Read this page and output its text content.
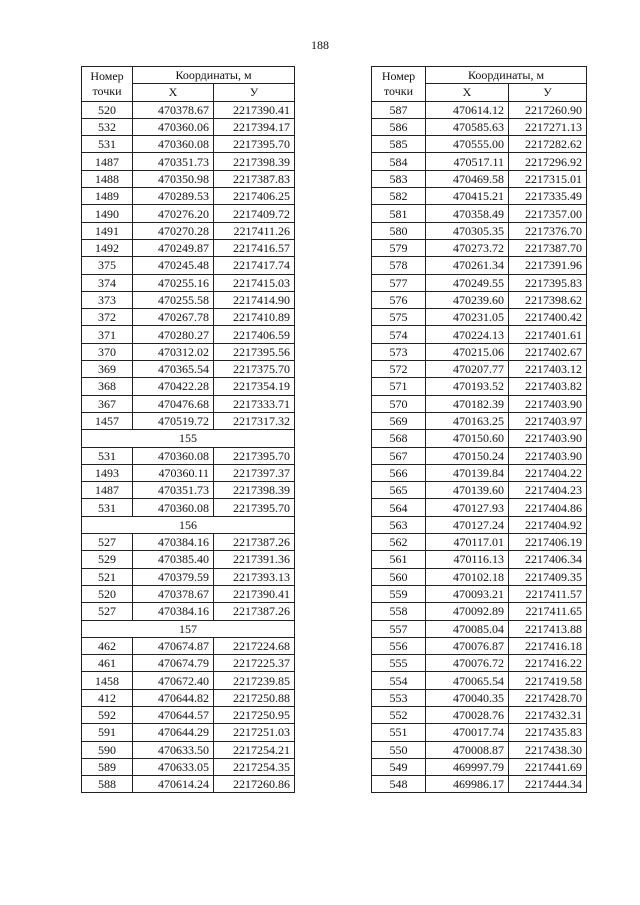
188
Номер
точки	Координаты, м	
	X	У
520	470378.67	2217390.41
532	470360.06	2217394.17
531	470360.08	2217395.70
1487	470351.73	2217398.39
1488	470350.98	2217387.83
1489	470289.53	2217406.25
1490	470276.20	2217409.72
1491	470270.28	2217411.26
1492	470249.87	2217416.57
375	470245.48	2217417.74
374	470255.16	2217415.03
373	470255.58	2217414.90
372	470267.78	2217410.89
371	470280.27	2217406.59
370	470312.02	2217395.56
369	470365.54	2217375.70
368	470422.28	2217354.19
367	470476.68	2217333.71
1457	470519.72	2217317.32
155		
531	470360.08	2217395.70
1493	470360.11	2217397.37
1487	470351.73	2217398.39
531	470360.08	2217395.70
156		
527	470384.16	2217387.26
529	470385.40	2217391.36
521	470379.59	2217393.13
520	470378.67	2217390.41
527	470384.16	2217387.26
157		
462	470674.87	2217224.68
461	470674.79	2217225.37
1458	470672.40	2217239.85
412	470644.82	2217250.88
592	470644.57	2217250.95
591	470644.29	2217251.03
590	470633.50	2217254.21
589	470633.05	2217254.35
588	470614.24	2217260.86
Номер
точки	Координаты, м	
	X	У
587	470614.12	2217260.90
586	470585.63	2217271.13
585	470555.00	2217282.62
584	470517.11	2217296.92
583	470469.58	2217315.01
582	470415.21	2217335.49
581	470358.49	2217357.00
580	470305.35	2217376.70
579	470273.72	2217387.70
578	470261.34	2217391.96
577	470249.55	2217395.83
576	470239.60	2217398.62
575	470231.05	2217400.42
574	470224.13	2217401.61
573	470215.06	2217402.67
572	470207.77	2217403.12
571	470193.52	2217403.82
570	470182.39	2217403.90
569	470163.25	2217403.97
568	470150.60	2217403.90
567	470150.24	2217403.90
566	470139.84	2217404.22
565	470139.60	2217404.23
564	470127.93	2217404.86
563	470127.24	2217404.92
562	470117.01	2217406.19
561	470116.13	2217406.34
560	470102.18	2217409.35
559	470093.21	2217411.57
558	470092.89	2217411.65
557	470085.04	2217413.88
556	470076.87	2217416.18
555	470076.72	2217416.22
554	470065.54	2217419.58
553	470040.35	2217428.70
552	470028.76	2217432.31
551	470017.74	2217435.83
550	470008.87	2217438.30
549	469997.79	2217441.69
548	469986.17	2217444.34
